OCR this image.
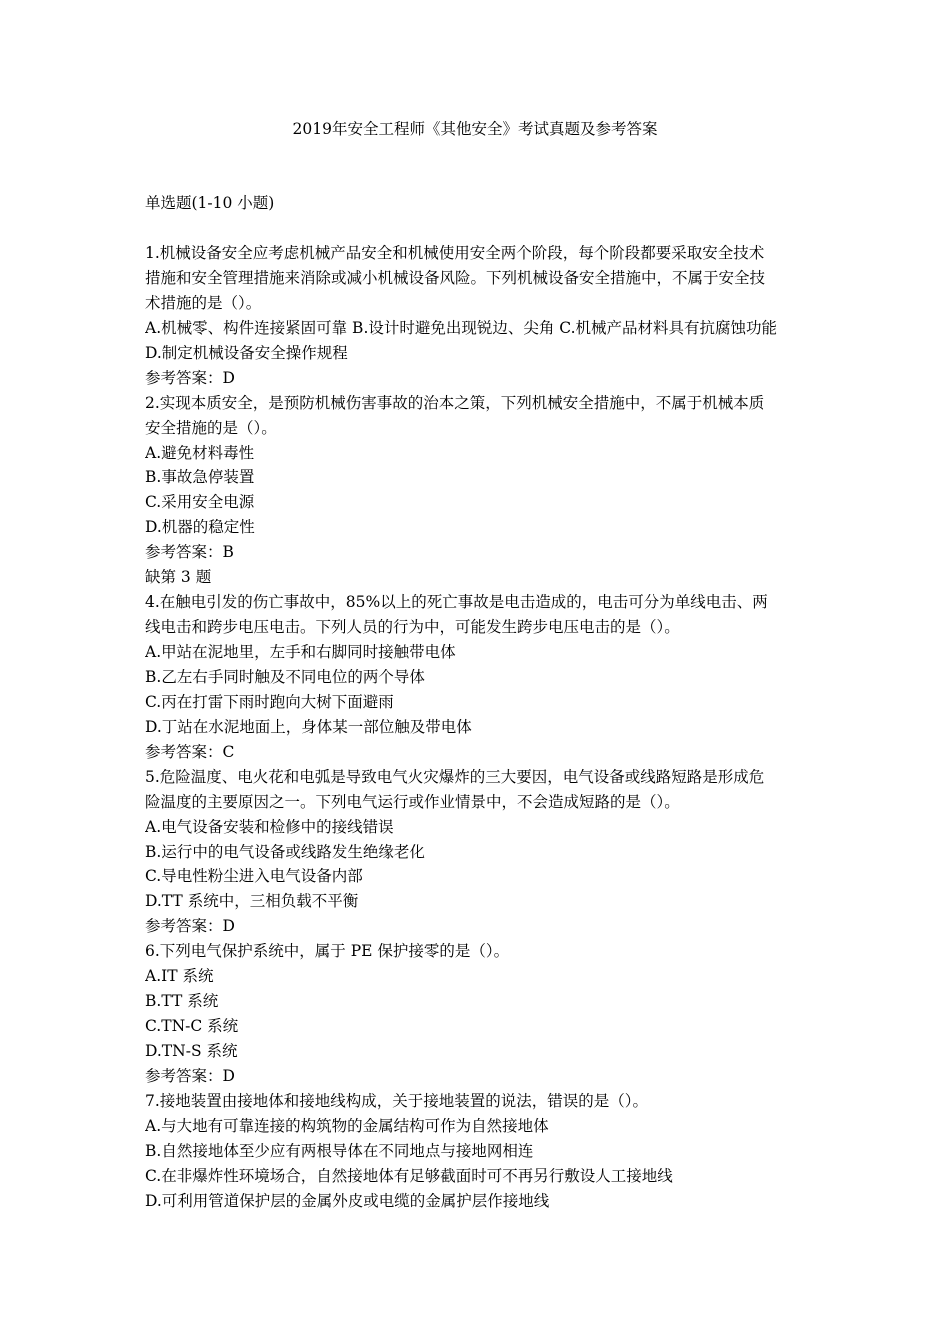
2019年安全工程师《其他安全》考试真题及参考答案
单选题(1-10 小题)
1.机械设备安全应考虑机械产品安全和机械使用安全两个阶段，每个阶段都要采取安全技术
措施和安全管理措施来消除或减小机械设备风险。下列机械设备安全措施中，不属于安全技
术措施的是（）。
A.机械零、构件连接紧固可靠 B.设计时避免出现锐边、尖角 C.机械产品材料具有抗腐蚀功能
D.制定机械设备安全操作规程
参考答案：D
2.实现本质安全，是预防机械伤害事故的治本之策，下列机械安全措施中，不属于机械本质
安全措施的是（）。
A.避免材料毒性
B.事故急停装置
C.采用安全电源
D.机器的稳定性
参考答案：B
缺第 3 题
4.在触电引发的伤亡事故中，85%以上的死亡事故是电击造成的，电击可分为单线电击、两
线电击和跨步电压电击。下列人员的行为中，可能发生跨步电压电击的是（）。
A.甲站在泥地里，左手和右脚同时接触带电体
B.乙左右手同时触及不同电位的两个导体
C.丙在打雷下雨时跑向大树下面避雨
D.丁站在水泥地面上，身体某一部位触及带电体
参考答案：C
5.危险温度、电火花和电弧是导致电气火灾爆炸的三大要因，电气设备或线路短路是形成危
险温度的主要原因之一。下列电气运行或作业情景中，不会造成短路的是（）。
A.电气设备安装和检修中的接线错误
B.运行中的电气设备或线路发生绝缘老化
C.导电性粉尘进入电气设备内部
D.TT 系统中，三相负载不平衡
参考答案：D
6.下列电气保护系统中，属于 PE 保护接零的是（）。
A.IT 系统
B.TT 系统
C.TN-C 系统
D.TN-S 系统
参考答案：D
7.接地装置由接地体和接地线构成，关于接地装置的说法，错误的是（）。
A.与大地有可靠连接的构筑物的金属结构可作为自然接地体
B.自然接地体至少应有两根导体在不同地点与接地网相连
C.在非爆炸性环境场合，自然接地体有足够截面时可不再另行敷设人工接地线
D.可利用管道保护层的金属外皮或电缆的金属护层作接地线
